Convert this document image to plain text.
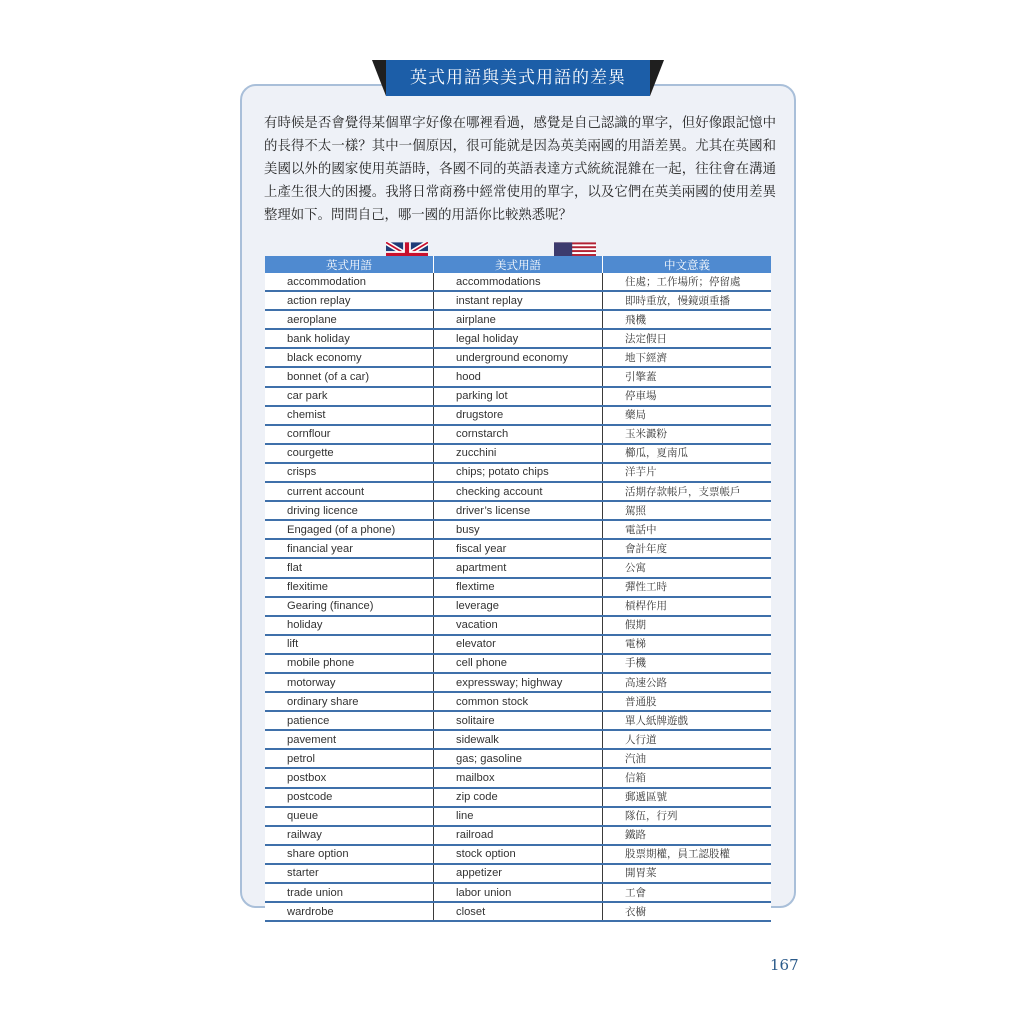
英式用語與美式用語的差異
有時候是否會覺得某個單字好像在哪裡看過，感覺是自己認識的單字，但好像跟記憶中的長得不太一樣？其中一個原因，很可能就是因為英美兩國的用語差異。尤其在英國和美國以外的國家使用英語時，各國不同的英語表達方式統統混雜在一起，往往會在溝通上產生很大的困擾。我將日常商務中經常使用的單字，以及它們在英美兩國的使用差異整理如下。問問自己，哪一國的用語你比較熟悉呢？
英式用語	美式用語	中文意義
accommodation	accommodations	住處；工作場所；停留處
action replay	instant replay	即時重放，慢鏡頭重播
aeroplane	airplane	飛機
bank holiday	legal holiday	法定假日
black economy	underground economy	地下經濟
bonnet (of a car)	hood	引擎蓋
car park	parking lot	停車場
chemist	drugstore	藥局
cornflour	cornstarch	玉米澱粉
courgette	zucchini	櫛瓜，夏南瓜
crisps	chips; potato chips	洋芋片
current account	checking account	活期存款帳戶，支票帳戶
driving licence	driver’s license	駕照
Engaged (of a phone)	busy	電話中
financial year	fiscal year	會計年度
flat	apartment	公寓
flexitime	flextime	彈性工時
Gearing (finance)	leverage	槓桿作用
holiday	vacation	假期
lift	elevator	電梯
mobile phone	cell phone	手機
motorway	expressway; highway	高速公路
ordinary share	common stock	普通股
patience	solitaire	單人紙牌遊戲
pavement	sidewalk	人行道
petrol	gas; gasoline	汽油
postbox	mailbox	信箱
postcode	zip code	郵遞區號
queue	line	隊伍，行列
railway	railroad	鐵路
share option	stock option	股票期權，員工認股權
starter	appetizer	開胃菜
trade union	labor union	工會
wardrobe	closet	衣櫥
167
